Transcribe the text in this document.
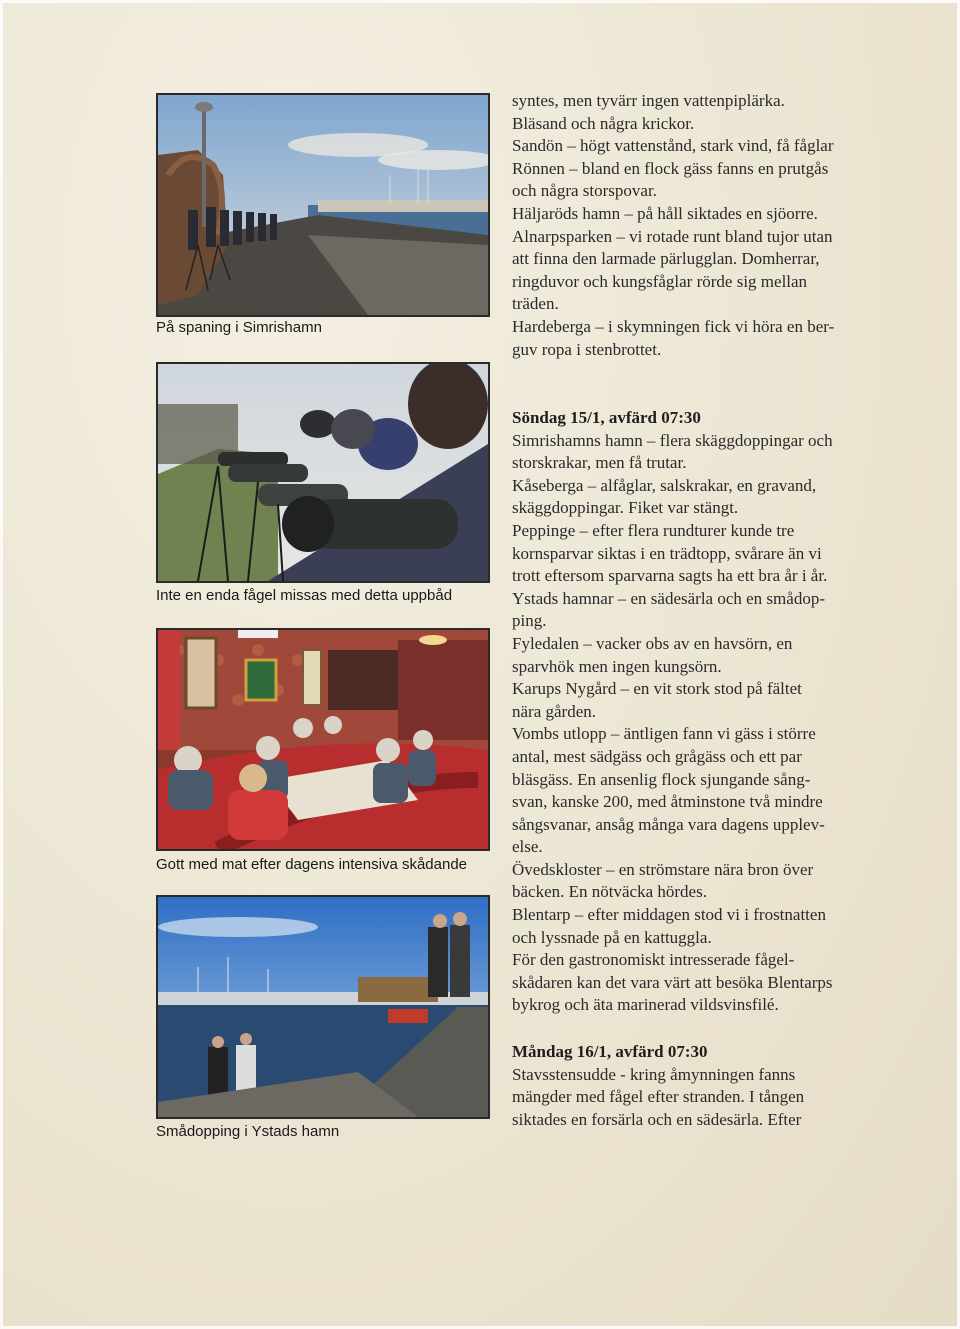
På spaning i Simrishamn
Inte en enda fågel missas med detta uppbåd
Gott med mat efter dagens intensiva skådande
Smådopping i Ystads hamn

syntes, men tyvärr ingen vattenpiplärka.

Bläsand och några krickor.

Sandön – högt vattenstånd, stark vind, få fåglar

Rönnen – bland en flock gäss fanns en prutgås

och några storspovar.

Häljaröds hamn – på håll siktades en sjöorre.

Alnarpsparken – vi rotade runt bland tujor utan

att finna den larmade pärlugglan. Domherrar,

ringduvor och kungsfåglar rörde sig mellan

träden.

Hardeberga – i skymningen fick vi höra en ber-

guv ropa i stenbrottet.

Söndag 15/1, avfärd 07:30

Simrishamns hamn – flera skäggdoppingar och

storskrakar, men få trutar.

Kåseberga – alfåglar, salskrakar, en gravand,

skäggdoppingar. Fiket var stängt.

Peppinge – efter flera rundturer kunde tre

kornsparvar siktas i en trädtopp, svårare än vi

trott eftersom sparvarna sagts ha ett bra år i år.

Ystads hamnar – en sädesärla och en smådop-

ping.

Fyledalen – vacker obs av en havsörn, en

sparvhök men ingen kungsörn.

Karups Nygård – en vit stork stod på fältet

nära gården.

Vombs utlopp – äntligen fann vi gäss i större

antal, mest sädgäss och grågäss och ett par

bläsgäss. En ansenlig flock sjungande sång-

svan, kanske 200, med åtminstone två mindre

sångsvanar, ansåg många vara dagens upplev-

else.

Övedskloster – en strömstare nära bron över

bäcken. En nötväcka hördes.

Blentarp – efter middagen stod vi i frostnatten

och lyssnade på en kattuggla.

För den gastronomiskt intresserade fågel-

skådaren kan det vara värt att besöka Blentarps

bykrog och äta marinerad vildsvinsfilé.

Måndag 16/1, avfärd 07:30

Stavsstensudde - kring åmynningen fanns

mängder med fågel efter stranden. I tången

siktades en forsärla och en sädesärla. Efter
